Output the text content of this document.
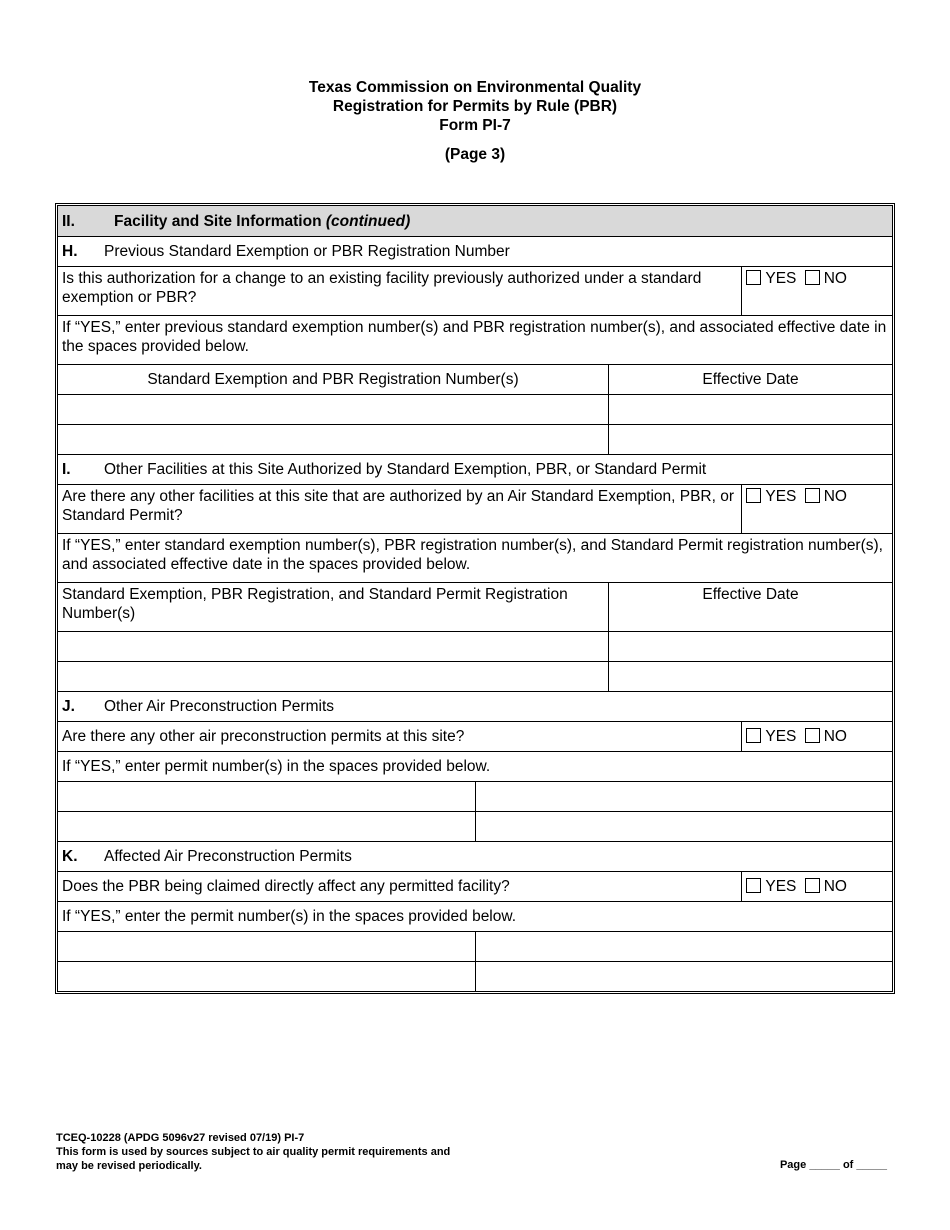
Texas Commission on Environmental Quality
Registration for Permits by Rule (PBR)
Form PI-7
(Page 3)
II. Facility and Site Information (continued)			
H. Previous Standard Exemption or PBR Registration Number			
Is this authorization for a change to an existing facility previously authorized under a standard exemption or PBR?			YES NO
If “YES,” enter previous standard exemption number(s) and PBR registration number(s), and associated effective date in the spaces provided below.			
Standard Exemption and PBR Registration Number(s)		Effective Date	

I. Other Facilities at this Site Authorized by Standard Exemption, PBR, or Standard Permit			
Are there any other facilities at this site that are authorized by an Air Standard Exemption, PBR, or Standard Permit?			YES NO
If “YES,” enter standard exemption number(s), PBR registration number(s), and Standard Permit registration number(s), and associated effective date in the spaces provided below.			
Standard Exemption, PBR Registration, and Standard Permit Registration Number(s)		Effective Date	

J. Other Air Preconstruction Permits			
Are there any other air preconstruction permits at this site?			YES NO
If “YES,” enter permit number(s) in the spaces provided below.			

K. Affected Air Preconstruction Permits			
Does the PBR being claimed directly affect any permitted facility?			YES NO
If “YES,” enter the permit number(s) in the spaces provided below.			

TCEQ-10228 (APDG 5096v27 revised 07/19) PI-7
This form is used by sources subject to air quality permit requirements and
may be revised periodically.	Page _____ of _____
